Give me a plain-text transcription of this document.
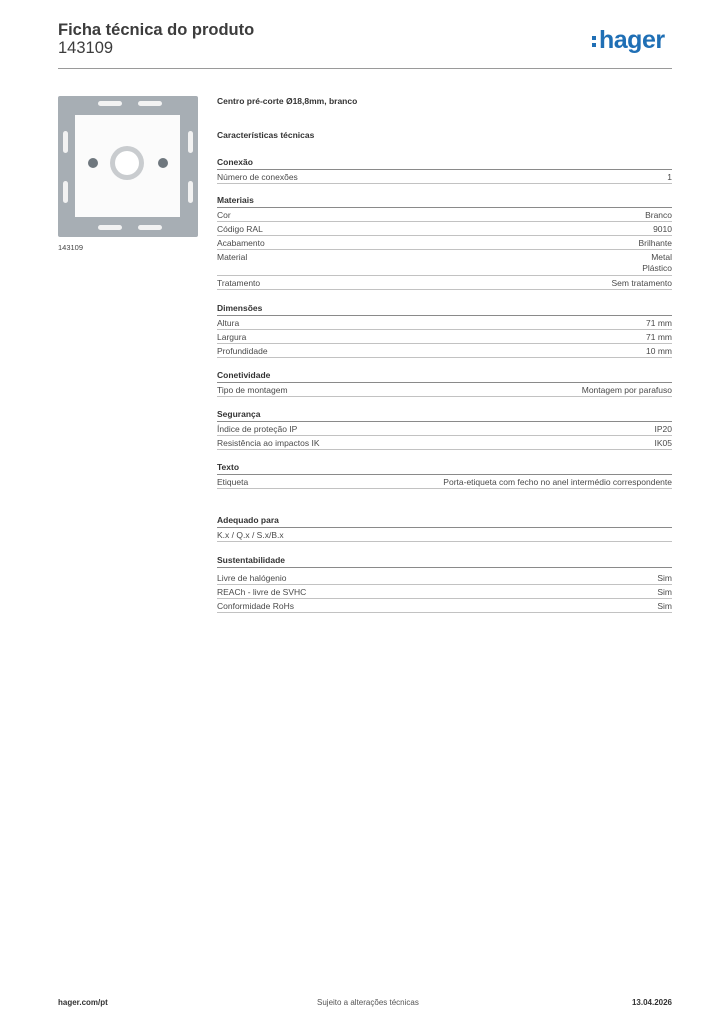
Ficha técnica do produto
143109	hager
143109
Centro pré-corte Ø18,8mm, branco
Características técnicas
Conexão
Número de conexões	1
Materiais
Cor	Branco
Código RAL	9010
Acabamento	Brilhante
Material	Metal
Plástico
Tratamento	Sem tratamento
Dimensões
Altura	71 mm
Largura	71 mm
Profundidade	10 mm
Conetividade
Tipo de montagem	Montagem por parafuso
Segurança
Índice de proteção IP	IP20
Resistência ao impactos IK	IK05
Texto
Etiqueta	Porta-etiqueta com fecho no anel intermédio correspondente
Adequado para
K.x / Q.x / S.x/B.x
Sustentabilidade
Livre de halógenio	Sim
REACh - livre de SVHC	Sim
Conformidade RoHs	Sim
hager.com/pt	Sujeito a alterações técnicas	13.04.2026
